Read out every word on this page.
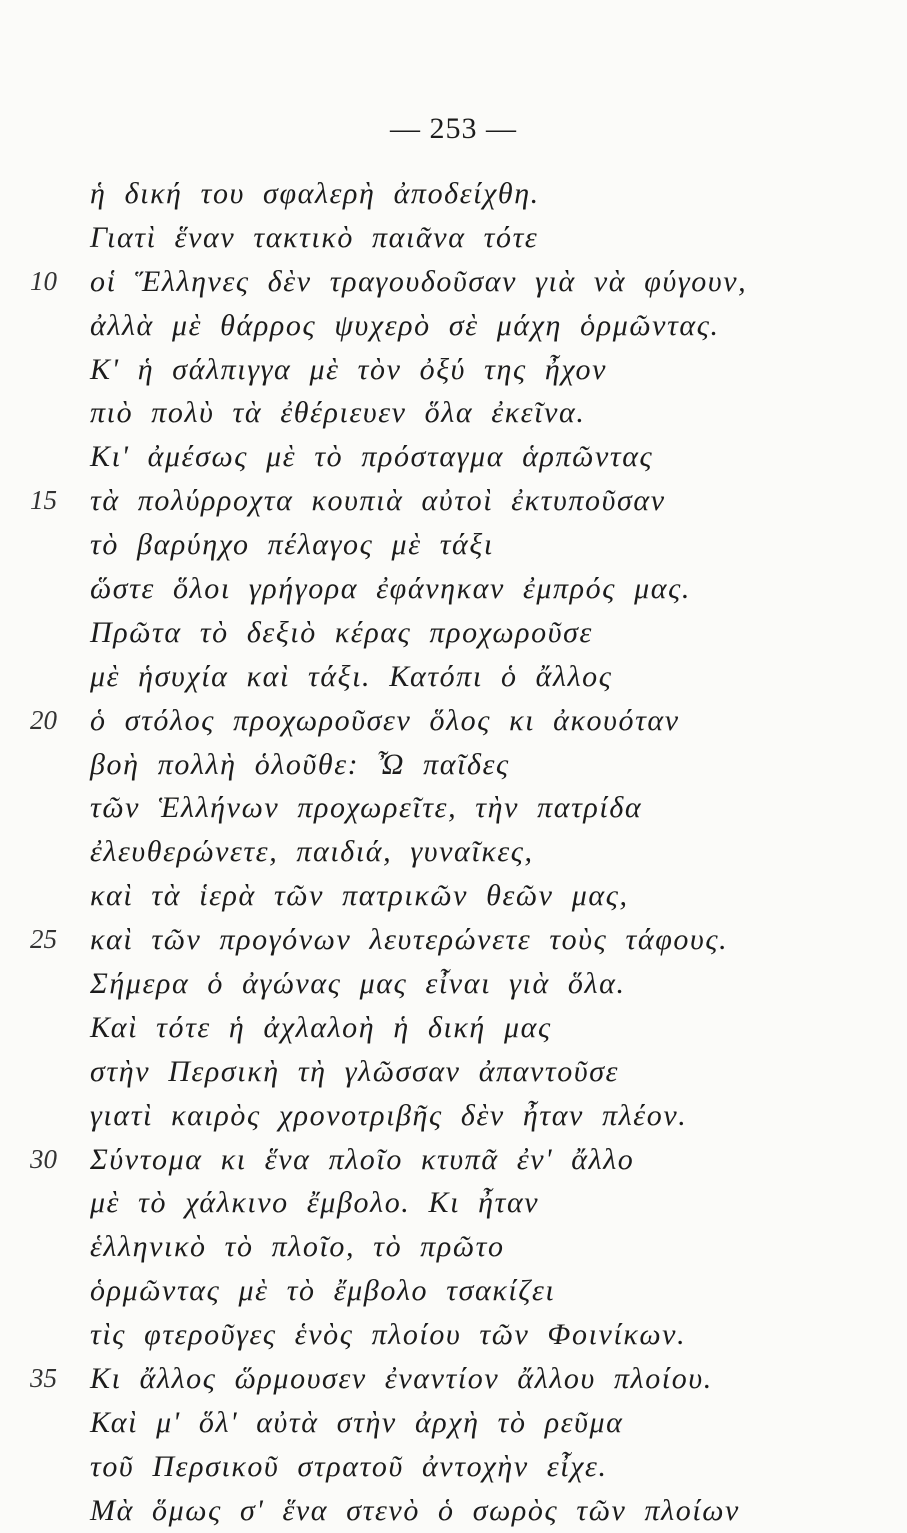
— 253 —
ἡ δική του σφαλερὴ ἀποδείχθη.
Γιατὶ ἕναν τακτικὸ παιᾶνα τότε
10	οἱ Ἕλληνες δὲν τραγουδοῦσαν γιὰ νὰ φύγουν,
ἀλλὰ μὲ θάρρος ψυχερὸ σὲ μάχη ὁρμῶντας.
Κ' ἡ σάλπιγγα μὲ τὸν ὀξύ της ἦχον
πιὸ πολὺ τὰ ἐθέριευεν ὅλα ἐκεῖνα.
Κι' ἀμέσως μὲ τὸ πρόσταγμα ἁρπῶντας
15	τὰ πολύρροχτα κουπιὰ αὐτοὶ ἐκτυποῦσαν
τὸ βαρύηχο πέλαγος μὲ τάξι
ὥστε ὅλοι γρήγορα ἐφάνηκαν ἐμπρός μας.
Πρῶτα τὸ δεξιὸ κέρας προχωροῦσε
μὲ ἡσυχία καὶ τάξι. Κατόπι ὁ ἄλλος
20	ὁ στόλος προχωροῦσεν ὅλος κι ἀκουόταν
βοὴ πολλὴ ὁλοῦθε: Ὦ παῖδες
τῶν Ἑλλήνων προχωρεῖτε, τὴν πατρίδα
ἐλευθερώνετε, παιδιά, γυναῖκες,
καὶ τὰ ἱερὰ τῶν πατρικῶν θεῶν μας,
25	καὶ τῶν προγόνων λευτερώνετε τοὺς τάφους.
Σήμερα ὁ ἀγώνας μας εἶναι γιὰ ὅλα.
Καὶ τότε ἡ ἀχλαλοὴ ἡ δική μας
στὴν Περσικὴ τὴ γλῶσσαν ἀπαντοῦσε
γιατὶ καιρὸς χρονοτριβῆς δὲν ἦταν πλέον.
30	Σύντομα κι ἕνα πλοῖο κτυπᾶ ἐν' ἄλλο
μὲ τὸ χάλκινο ἔμβολο. Κι ἦταν
ἑλληνικὸ τὸ πλοῖο, τὸ πρῶτο
ὁρμῶντας μὲ τὸ ἔμβολο τσακίζει
τὶς φτεροῦγες ἑνὸς πλοίου τῶν Φοινίκων.
35	Κι ἄλλος ὥρμουσεν ἐναντίον ἄλλου πλοίου.
Καὶ μ' ὅλ' αὐτὰ στὴν ἀρχὴ τὸ ρεῦμα
τοῦ Περσικοῦ στρατοῦ ἀντοχὴν εἶχε.
Μὰ ὅμως σ' ἕνα στενὸ ὁ σωρὸς τῶν πλοίων
